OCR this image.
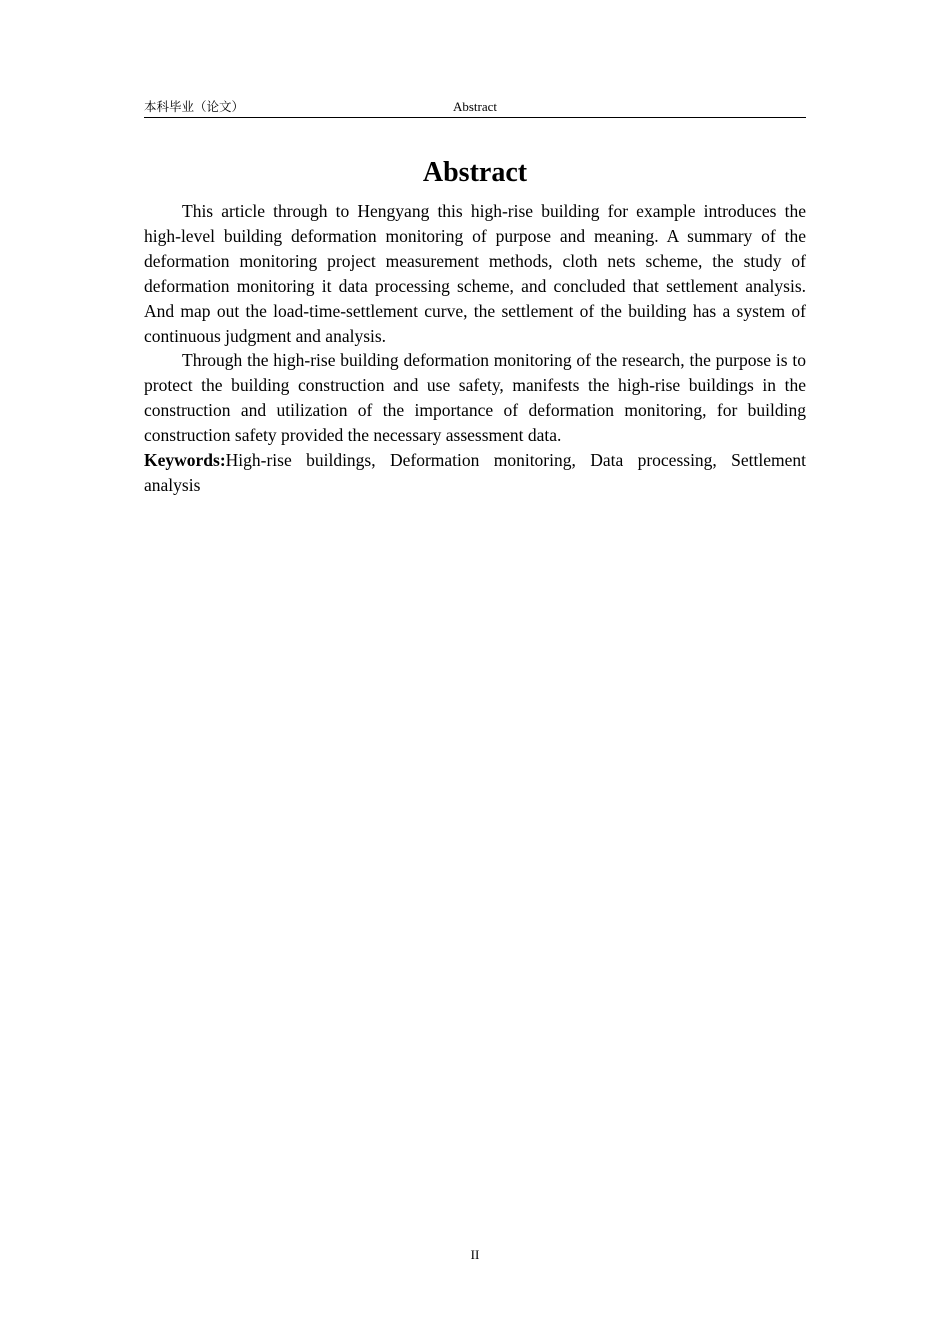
本科毕业（论文）	Abstract
Abstract

This article through to Hengyang this high-rise building for example introduces the high-level building deformation monitoring of purpose and meaning. A summary of the deformation monitoring project measurement methods, cloth nets scheme, the study of deformation monitoring it data processing scheme, and concluded that settlement analysis. And map out the load-time-settlement curve, the settlement of the building has a system of continuous judgment and analysis.

Through the high-rise building deformation monitoring of the research, the purpose is to protect the building construction and use safety, manifests the high-rise buildings in the construction and utilization of the importance of deformation monitoring, for building construction safety provided the necessary assessment data.

Keywords:High-rise buildings, Deformation monitoring, Data processing, Settlement analysis

II
